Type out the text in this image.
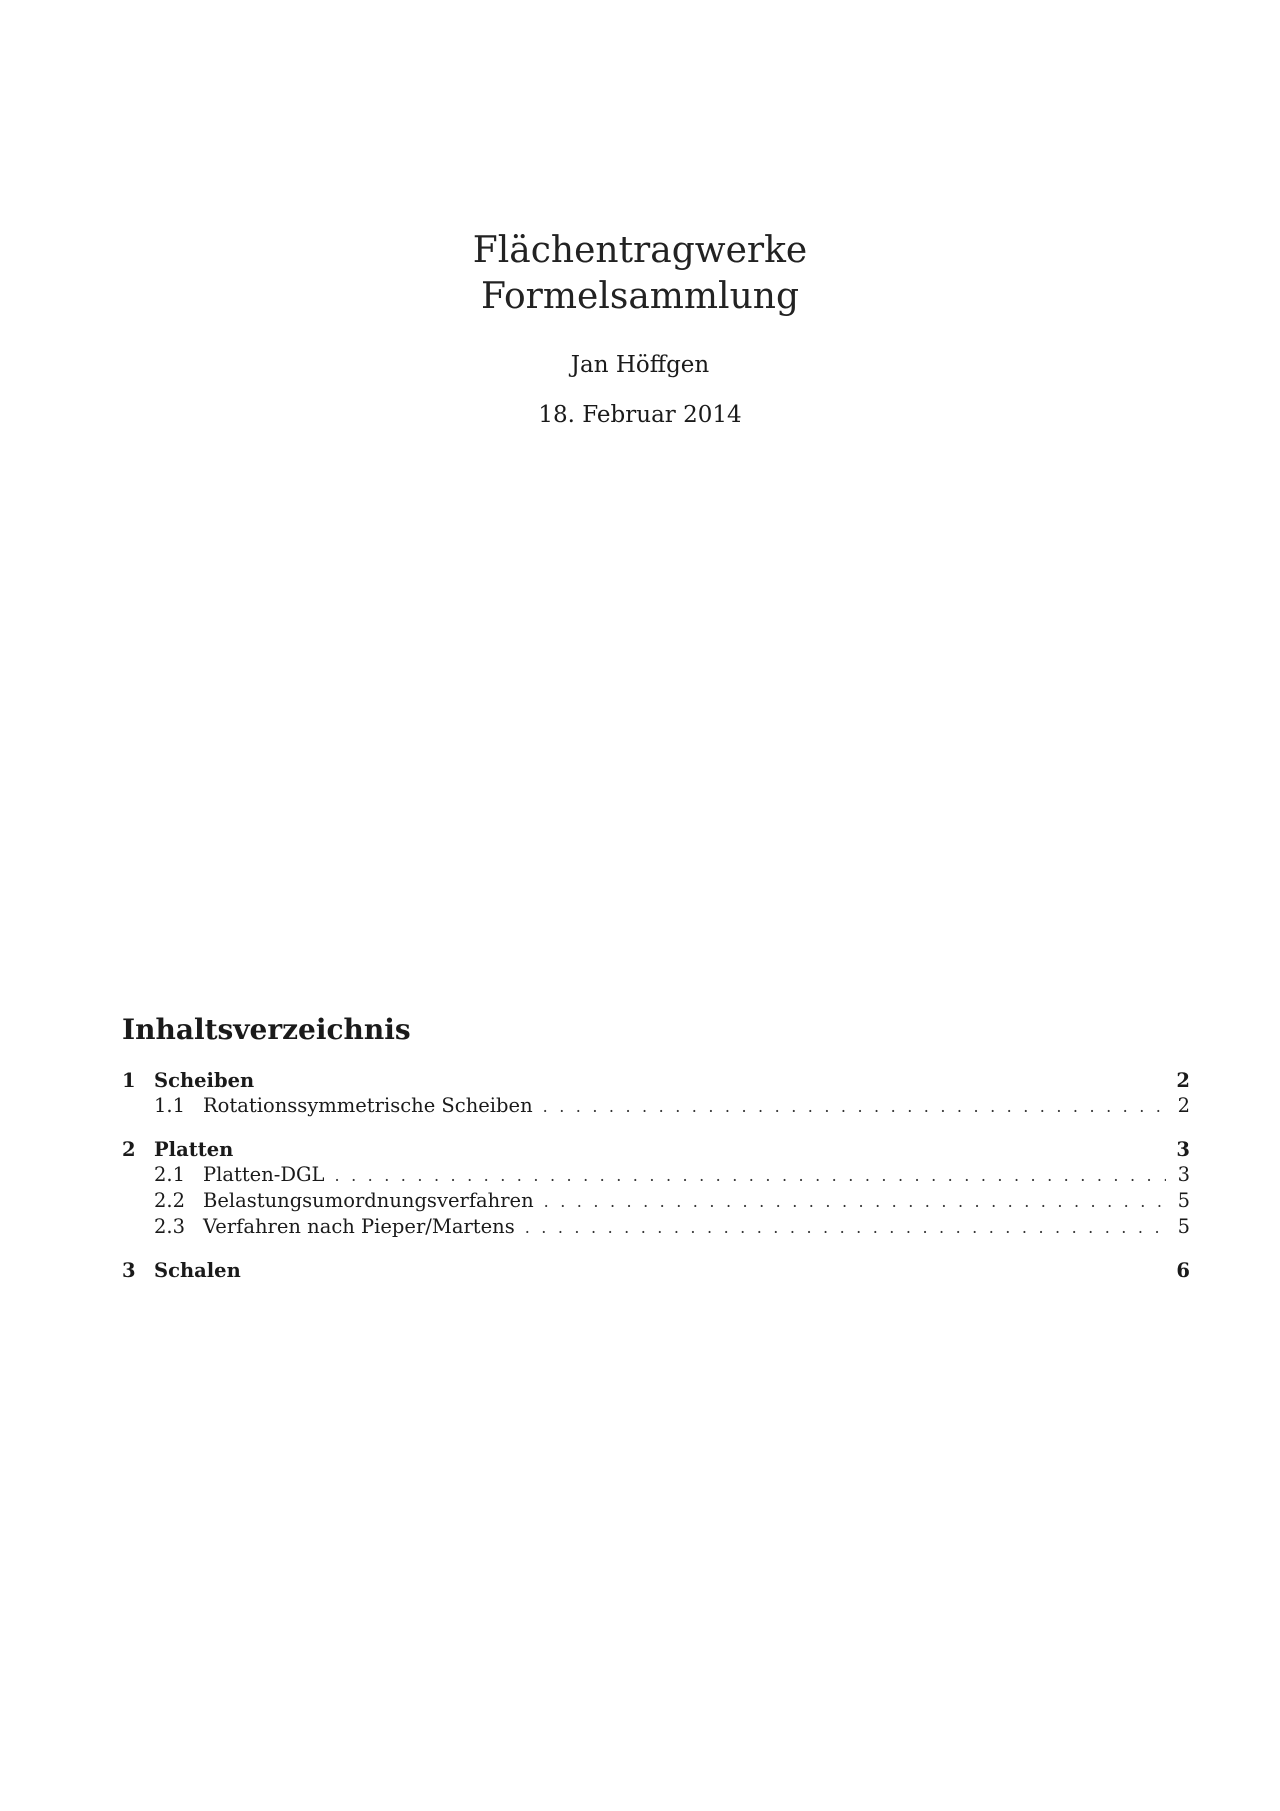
Flächentragwerke
Formelsammlung
Jan Höffgen
18. Februar 2014
Inhaltsverzeichnis
1 Scheiben	2
1.1 Rotationssymmetrische Scheiben . . .	2
2 Platten	3
2.1 Platten-DGL . . .	3
2.2 Belastungsumordnungsverfahren . . .	5
2.3 Verfahren nach Pieper/Martens . . .	5
3 Schalen	6
